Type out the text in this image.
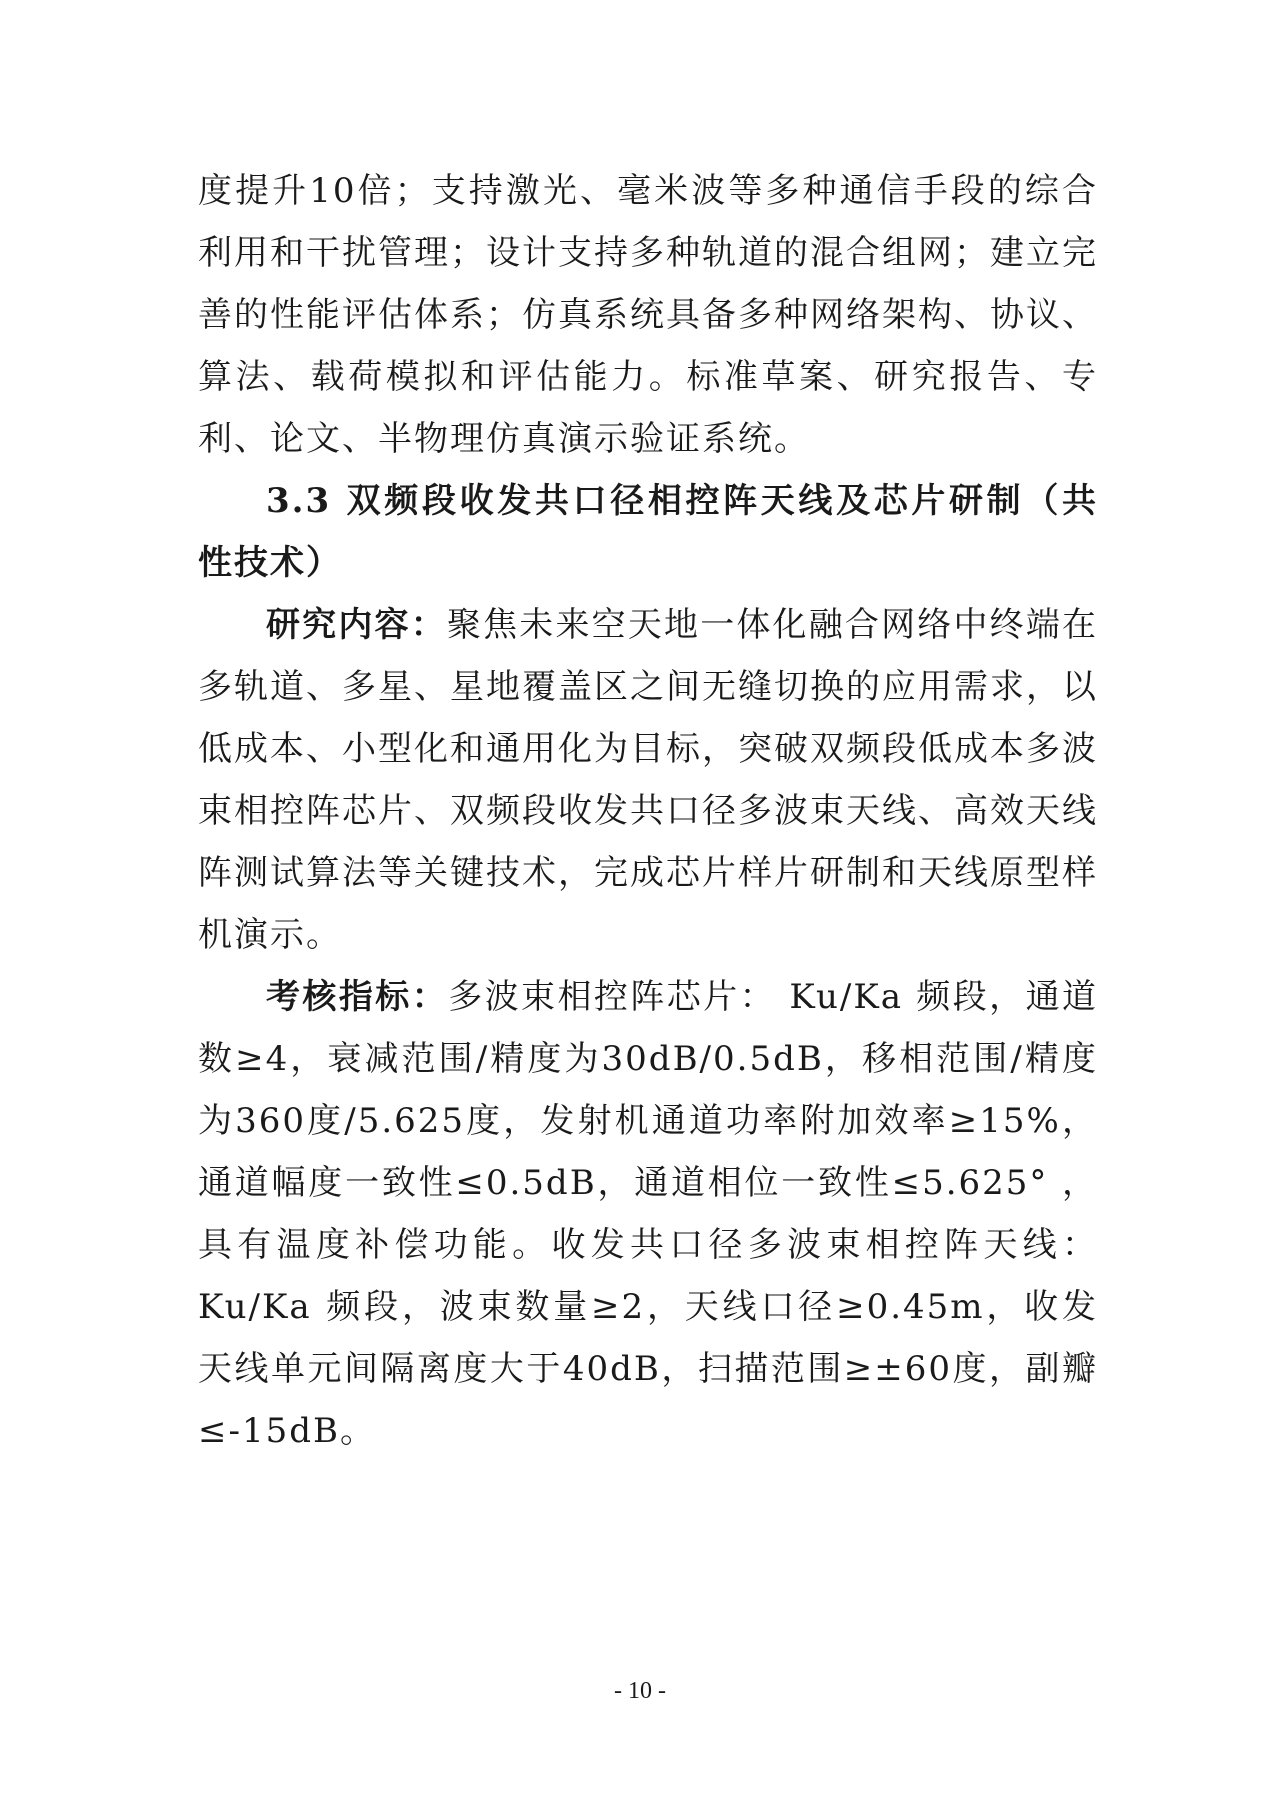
度提升10倍；支持激光、毫米波等多种通信手段的综合利用和干扰管理；设计支持多种轨道的混合组网；建立完善的性能评估体系；仿真系统具备多种网络架构、协议、算法、载荷模拟和评估能力。标准草案、研究报告、专利、论文、半物理仿真演示验证系统。

3.3 双频段收发共口径相控阵天线及芯片研制（共性技术）

研究内容：聚焦未来空天地一体化融合网络中终端在多轨道、多星、星地覆盖区之间无缝切换的应用需求，以低成本、小型化和通用化为目标，突破双频段低成本多波束相控阵芯片、双频段收发共口径多波束天线、高效天线阵测试算法等关键技术，完成芯片样片研制和天线原型样机演示。

考核指标：多波束相控阵芯片： Ku/Ka 频段，通道数≥4，衰减范围/精度为30dB/0.5dB，移相范围/精度为360度/5.625度，发射机通道功率附加效率≥15%，通道幅度一致性≤0.5dB，通道相位一致性≤5.625° ，具有温度补偿功能。收发共口径多波束相控阵天线：Ku/Ka 频段，波束数量≥2，天线口径≥0.45m，收发天线单元间隔离度大于40dB，扫描范围≥±60度，副瓣≤-15dB。

- 10 -
